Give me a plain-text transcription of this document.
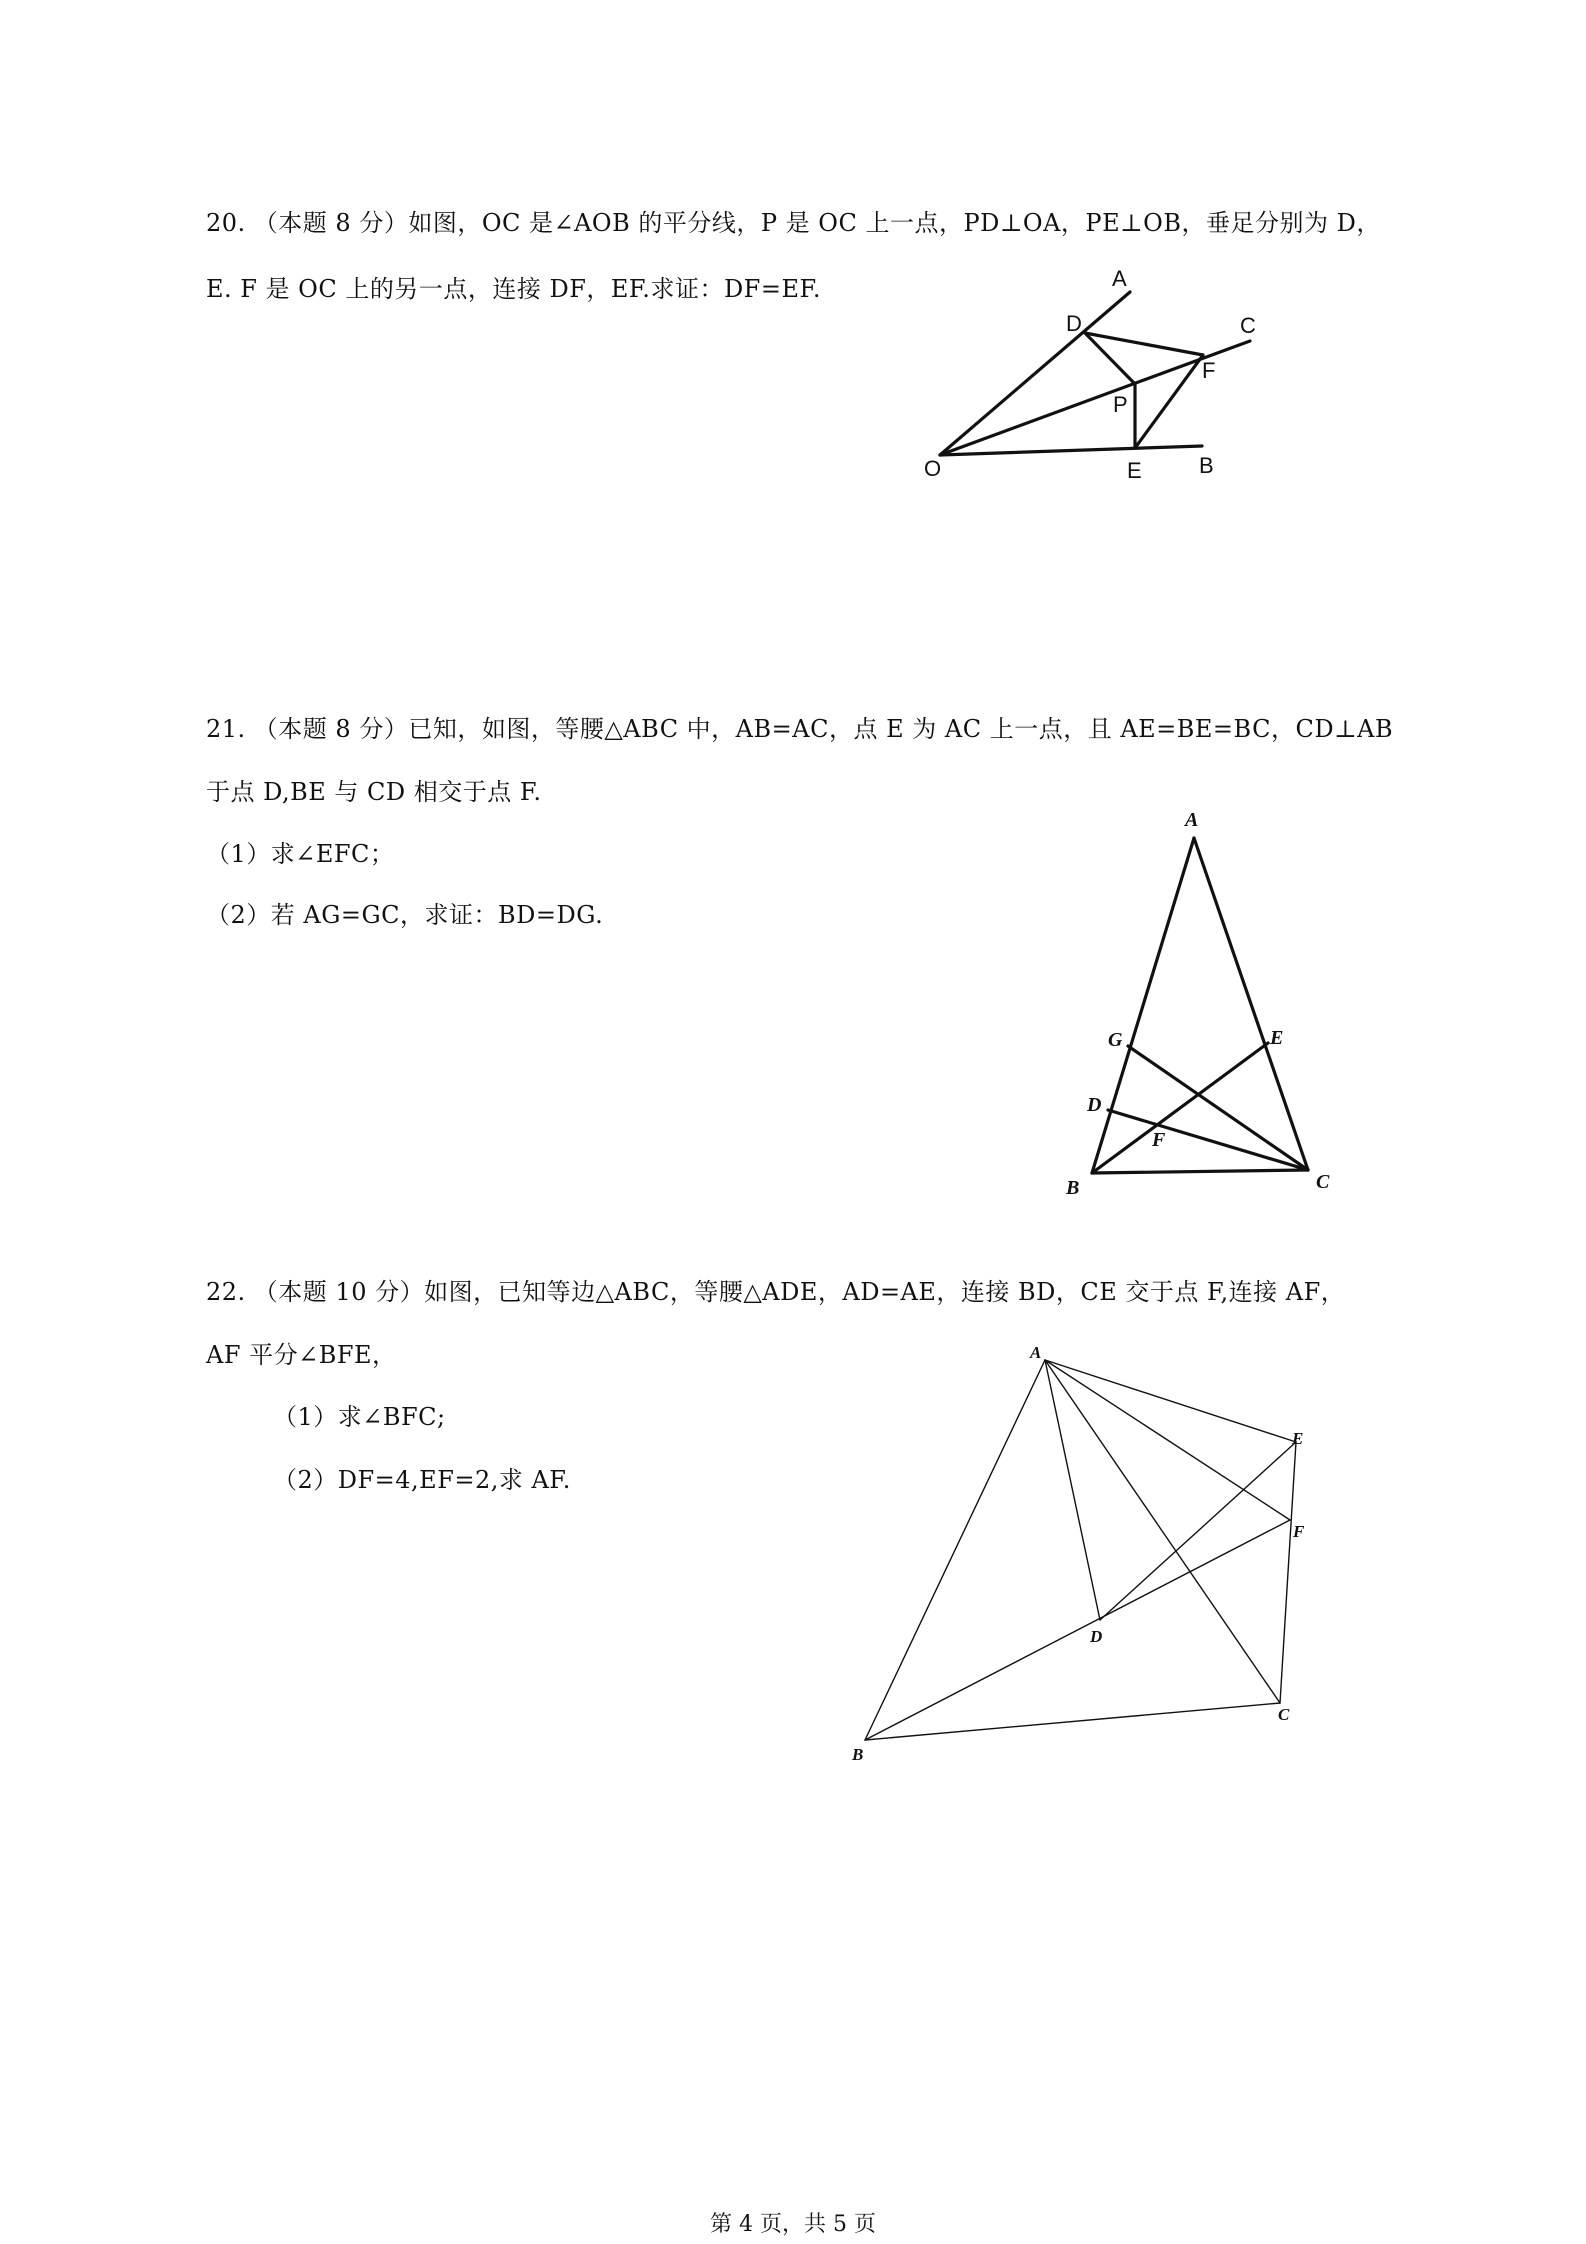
20. （本题 8 分）如图，OC 是∠AOB 的平分线，P 是 OC 上一点，PD⊥OA，PE⊥OB，垂足分别为 D，
E. F 是 OC 上的另一点，连接 DF，EF.求证：DF=EF.	A
D	C
F
P
O	E	B
21. （本题 8 分）已知，如图，等腰△ABC 中，AB=AC，点 E 为 AC 上一点，且 AE=BE=BC，CD⊥AB
于点 D,BE 与 CD 相交于点 F.
（1）求∠EFC；
（2）若 AG=GC，求证：BD=DG.
A
G	E
D
F
B	C
22. （本题 10 分）如图，已知等边△ABC，等腰△ADE，AD=AE，连接 BD，CE 交于点 F,连接 AF，
AF 平分∠BFE，
（1）求∠BFC;
（2）DF=4,EF=2,求 AF.
A
E
F
D
C
B
第 4 页，共 5 页
